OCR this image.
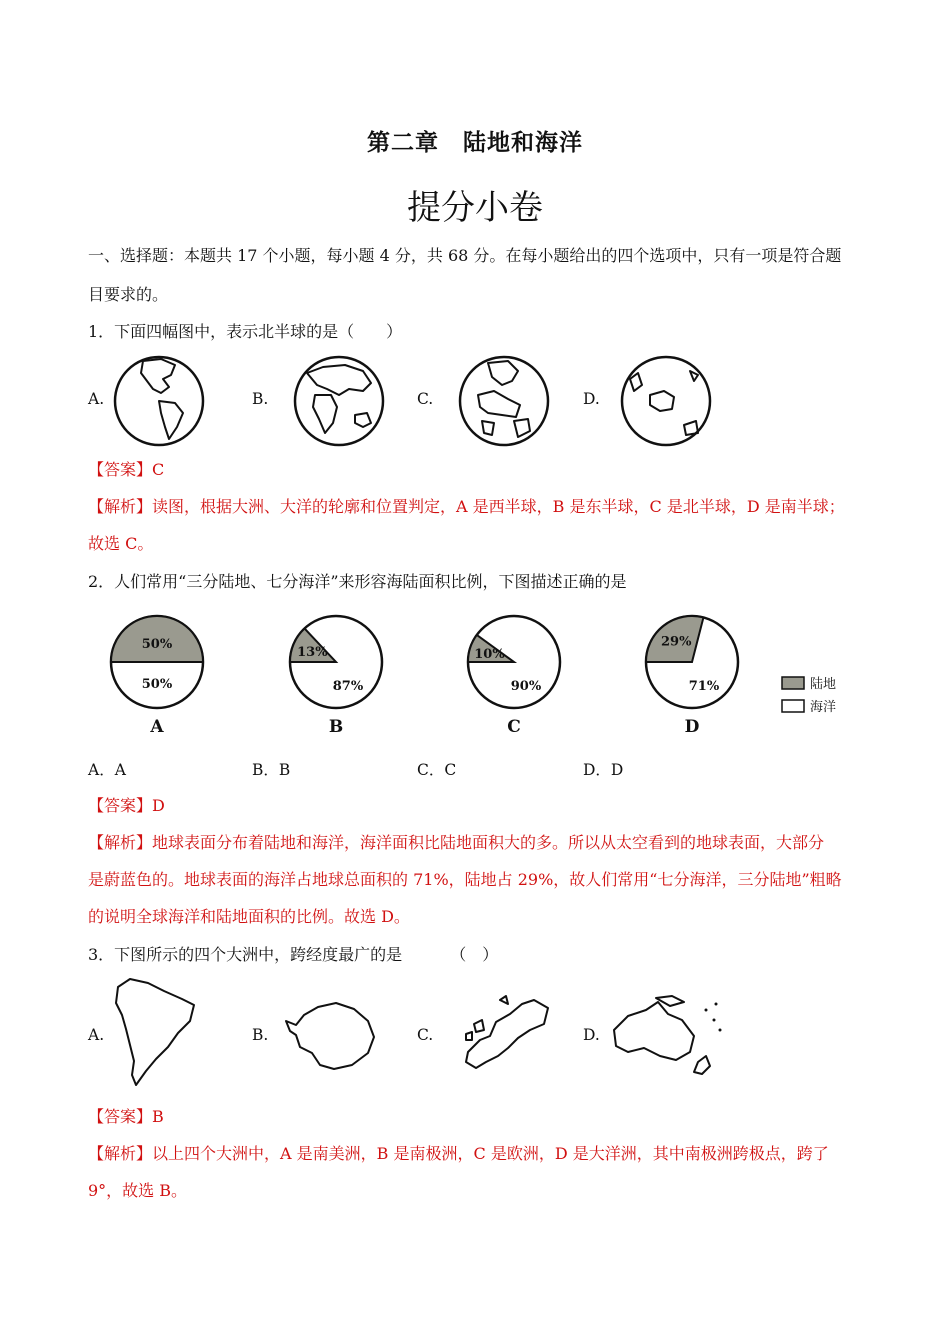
第二章　陆地和海洋
提分小卷
一、选择题：本题共 17 个小题，每小题 4 分，共 68 分。在每小题给出的四个选项中，只有一项是符合题
目要求的。
1．下面四幅图中，表示北半球的是（　　）
A.	B.	C.	D.
【答案】C
【解析】读图，根据大洲、大洋的轮廓和位置判定，A 是西半球，B 是东半球，C 是北半球，D 是南半球；
故选 C。
2．人们常用“三分陆地、七分海洋”来形容海陆面积比例，下图描述正确的是
50%
50%
A
13%
87%
B
10%
90%
C
29%
71%
D
陆地
海洋
A．A	B．B	C．C	D．D
【答案】D
【解析】地球表面分布着陆地和海洋，海洋面积比陆地面积大的多。所以从太空看到的地球表面，大部分
是蔚蓝色的。地球表面的海洋占地球总面积的 71%，陆地占 29%，故人们常用“七分海洋，三分陆地”粗略
的说明全球海洋和陆地面积的比例。故选 D。
3．下图所示的四个大洲中，跨经度最广的是	（　）
A.	B.	C.	D.
【答案】B
【解析】以上四个大洲中，A 是南美洲，B 是南极洲，C 是欧洲，D 是大洋洲，其中南极洲跨极点，跨了
9°，故选 B。
